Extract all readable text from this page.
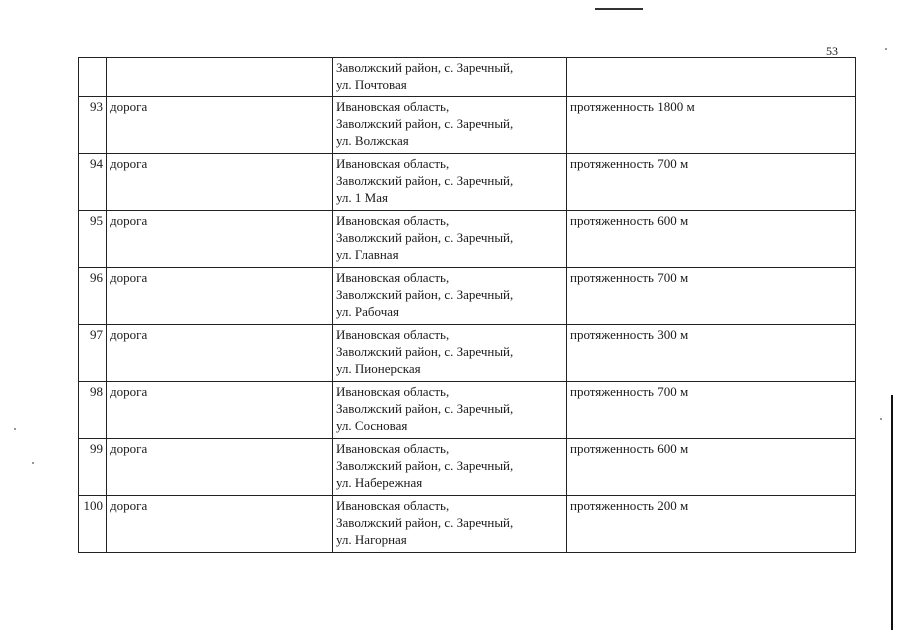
53

		Заволжский район, с. Заречный,
ул. Почтовая	

93	дорога	Ивановская область,
Заволжский район, с. Заречный,
ул. Волжская	протяженность 1800 м
94	дорога	Ивановская область,
Заволжский район, с. Заречный,
ул. 1 Мая	протяженность 700 м
95	дорога	Ивановская область,
Заволжский район, с. Заречный,
ул. Главная	протяженность 600 м
96	дорога	Ивановская область,
Заволжский район, с. Заречный,
ул. Рабочая	протяженность 700 м
97	дорога	Ивановская область,
Заволжский район, с. Заречный,
ул. Пионерская	протяженность 300 м
98	дорога	Ивановская область,
Заволжский район, с. Заречный,
ул. Сосновая	протяженность 700 м
99	дорога	Ивановская область,
Заволжский район, с. Заречный,
ул. Набережная	протяженность 600 м
100	дорога	Ивановская область,
Заволжский район, с. Заречный,
ул. Нагорная	протяженность 200 м
